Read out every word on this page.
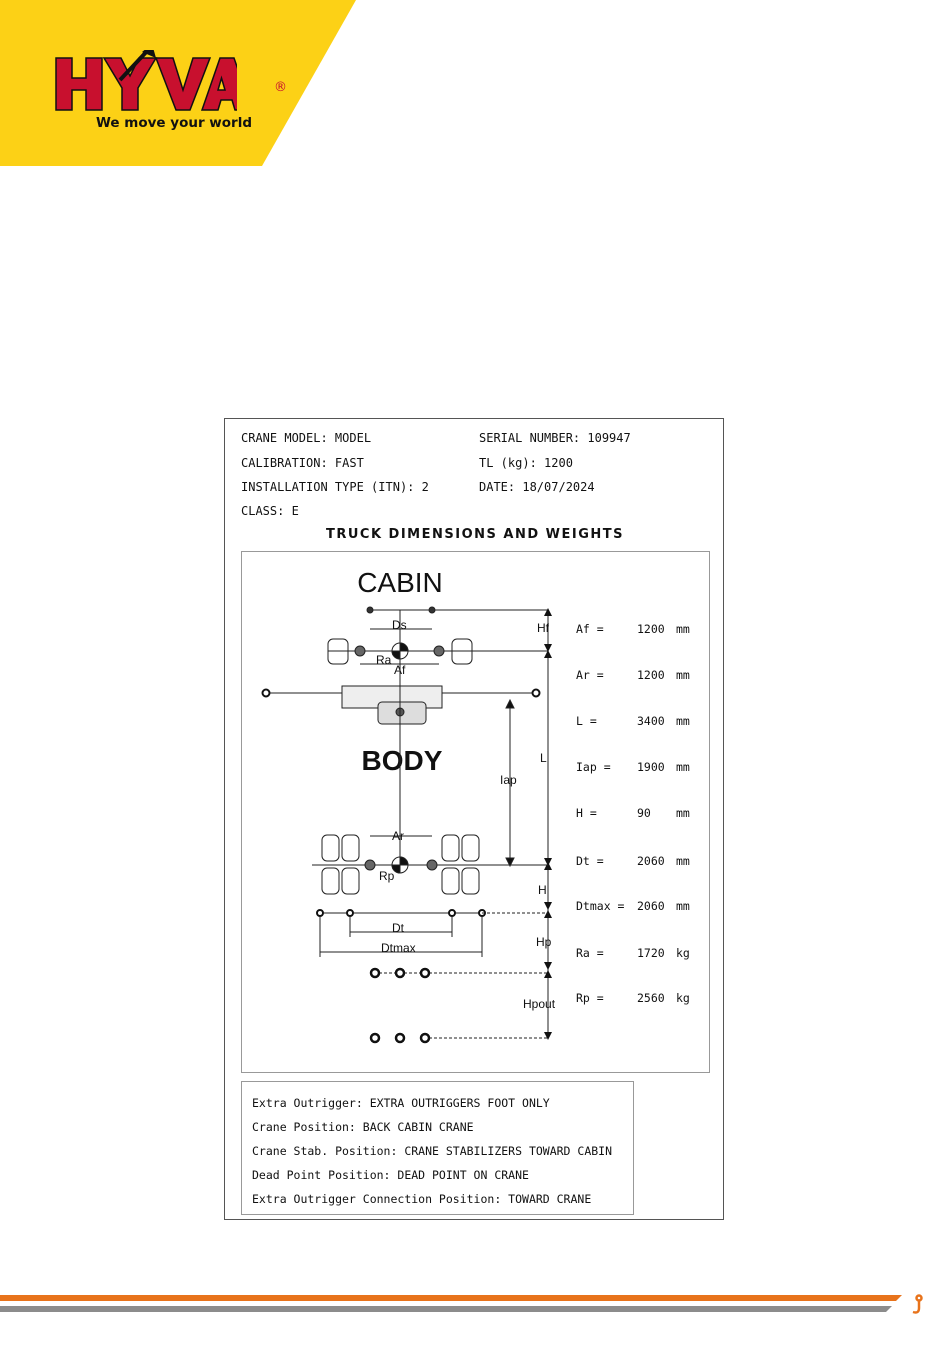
®
We move your world
CRANE MODEL: MODEL	SERIAL NUMBER: 109947
CALIBRATION: FAST	TL (kg): 1200
INSTALLATION TYPE (ITN): 2	DATE: 18/07/2024
CLASS: E
TRUCK DIMENSIONS AND WEIGHTS
CABIN
BODY
Ds
Ra
Af
Iap
Hf
L
H
Hp
Hpout
Ar
Rp
Dt
Dtmax
Af =	1200 mm
Ar =	1200 mm
L =	3400 mm
Iap = 1900 mm
H =	90 mm
Dt =	2060 mm
Dtmax = 2060 mm
Ra =	1720 kg
Rp =	2560 kg
Extra Outrigger: EXTRA OUTRIGGERS FOOT ONLY
Crane Position: BACK CABIN CRANE
Crane Stab. Position: CRANE STABILIZERS TOWARD CABIN
Dead Point Position: DEAD POINT ON CRANE
Extra Outrigger Connection Position: TOWARD CRANE
